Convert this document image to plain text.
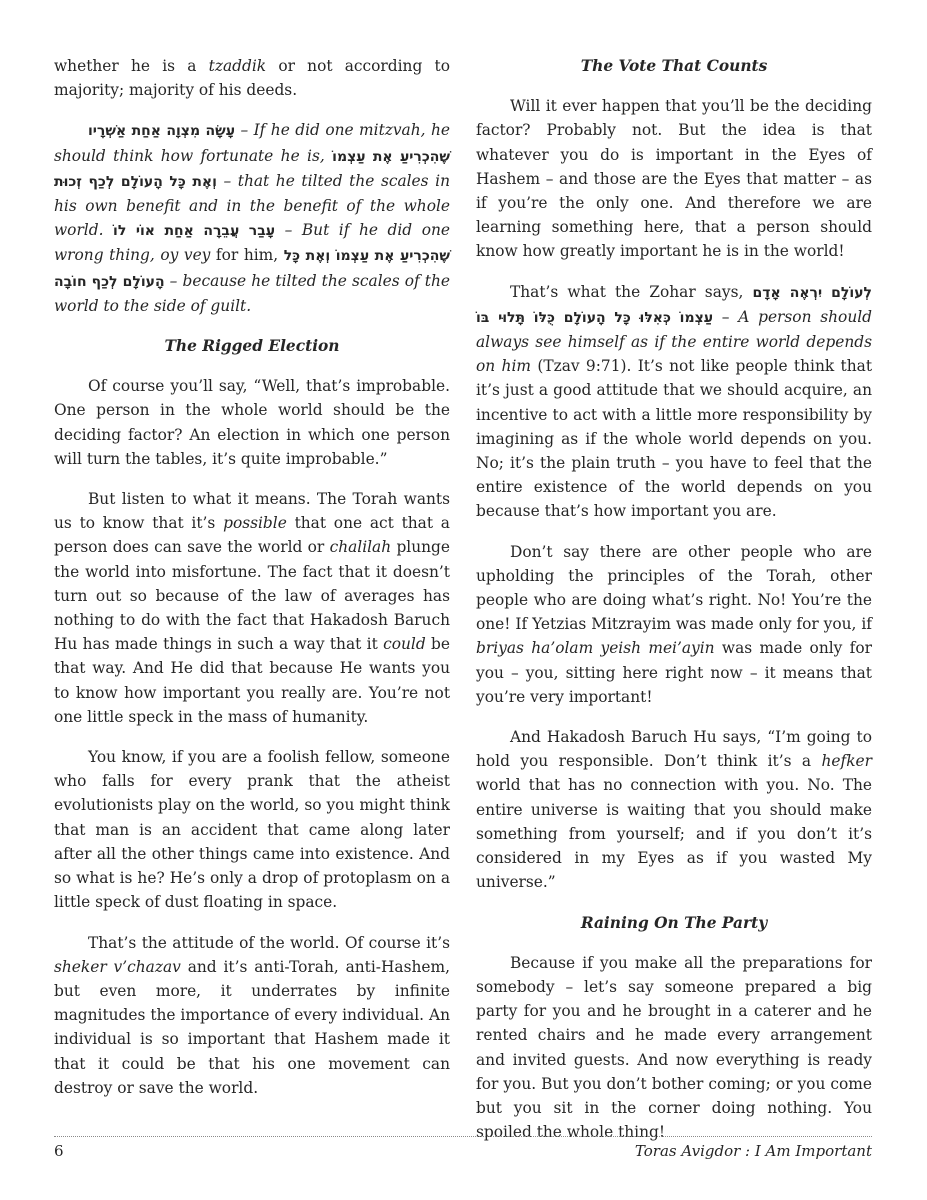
whether he is a tzaddik or not according to majority; majority of his deeds.

עָשָׂה מִצְוָה אַחַת אַשְׁרָיו – If he did one mitzvah, he should think how fortunate he is, שֶׁהִכְרִיעַ אֶת עַצְמוֹ וְאֶת כָּל הָעוֹלָם לְכַף זְכוּת – that he tilted the scales in his own benefit and in the benefit of the whole world. עָבַר עֲבֵרָה אַחַת אוֹי לוֹ – But if he did one wrong thing, oy vey for him, שֶׁהִכְרִיעַ אֶת עַצְמוֹ וְאֶת כָּל הָעוֹלָם לְכַף חוֹבָה – because he tilted the scales of the world to the side of guilt.

The Rigged Election

Of course you’ll say, “Well, that’s improbable. One person in the whole world should be the deciding factor? An election in which one person will turn the tables, it’s quite improbable.”

But listen to what it means. The Torah wants us to know that it’s possible that one act that a person does can save the world or chalilah plunge the world into misfortune. The fact that it doesn’t turn out so because of the law of averages has nothing to do with the fact that Hakadosh Baruch Hu has made things in such a way that it could be that way. And He did that because He wants you to know how important you really are. You’re not one little speck in the mass of humanity.

You know, if you are a foolish fellow, someone who falls for every prank that the atheist evolutionists play on the world, so you might think that man is an accident that came along later after all the other things came into existence. And so what is he? He’s only a drop of protoplasm on a little speck of dust floating in space.

That’s the attitude of the world. Of course it’s sheker v’chazav and it’s anti-Torah, anti-Hashem, but even more, it underrates by infinite magnitudes the importance of every individual. An individual is so important that Hashem made it that it could be that his one movement can destroy or save the world.

The Vote That Counts

Will it ever happen that you’ll be the deciding factor? Probably not. But the idea is that whatever you do is important in the Eyes of Hashem – and those are the Eyes that matter – as if you’re the only one. And therefore we are learning something here, that a person should know how greatly important he is in the world!

That’s what the Zohar says, לְעוֹלָם יִרְאֶה אָדָם עַצְמוֹ כְּאִלּוּ כָּל הָעוֹלָם כֻּלּוֹ תָּלוּי בּוֹ – A person should always see himself as if the entire world depends on him (Tzav 9:71). It’s not like people think that it’s just a good attitude that we should acquire, an incentive to act with a little more responsibility by imagining as if the whole world depends on you. No; it’s the plain truth – you have to feel that the entire existence of the world depends on you because that’s how important you are.

Don’t say there are other people who are upholding the principles of the Torah, other people who are doing what’s right. No! You’re the one! If Yetzias Mitzrayim was made only for you, if briyas ha’olam yeish mei’ayin was made only for you – you, sitting here right now – it means that you’re very important!

And Hakadosh Baruch Hu says, “I’m going to hold you responsible. Don’t think it’s a hefker world that has no connection with you. No. The entire universe is waiting that you should make something from yourself; and if you don’t it’s considered in my Eyes as if you wasted My universe.”

Raining On The Party

Because if you make all the preparations for somebody – let’s say someone prepared a big party for you and he brought in a caterer and he rented chairs and he made every arrangement and invited guests. And now everything is ready for you. But you don’t bother coming; or you come but you sit in the corner doing nothing. You spoiled the whole thing!

6	Toras Avigdor : I Am Important
